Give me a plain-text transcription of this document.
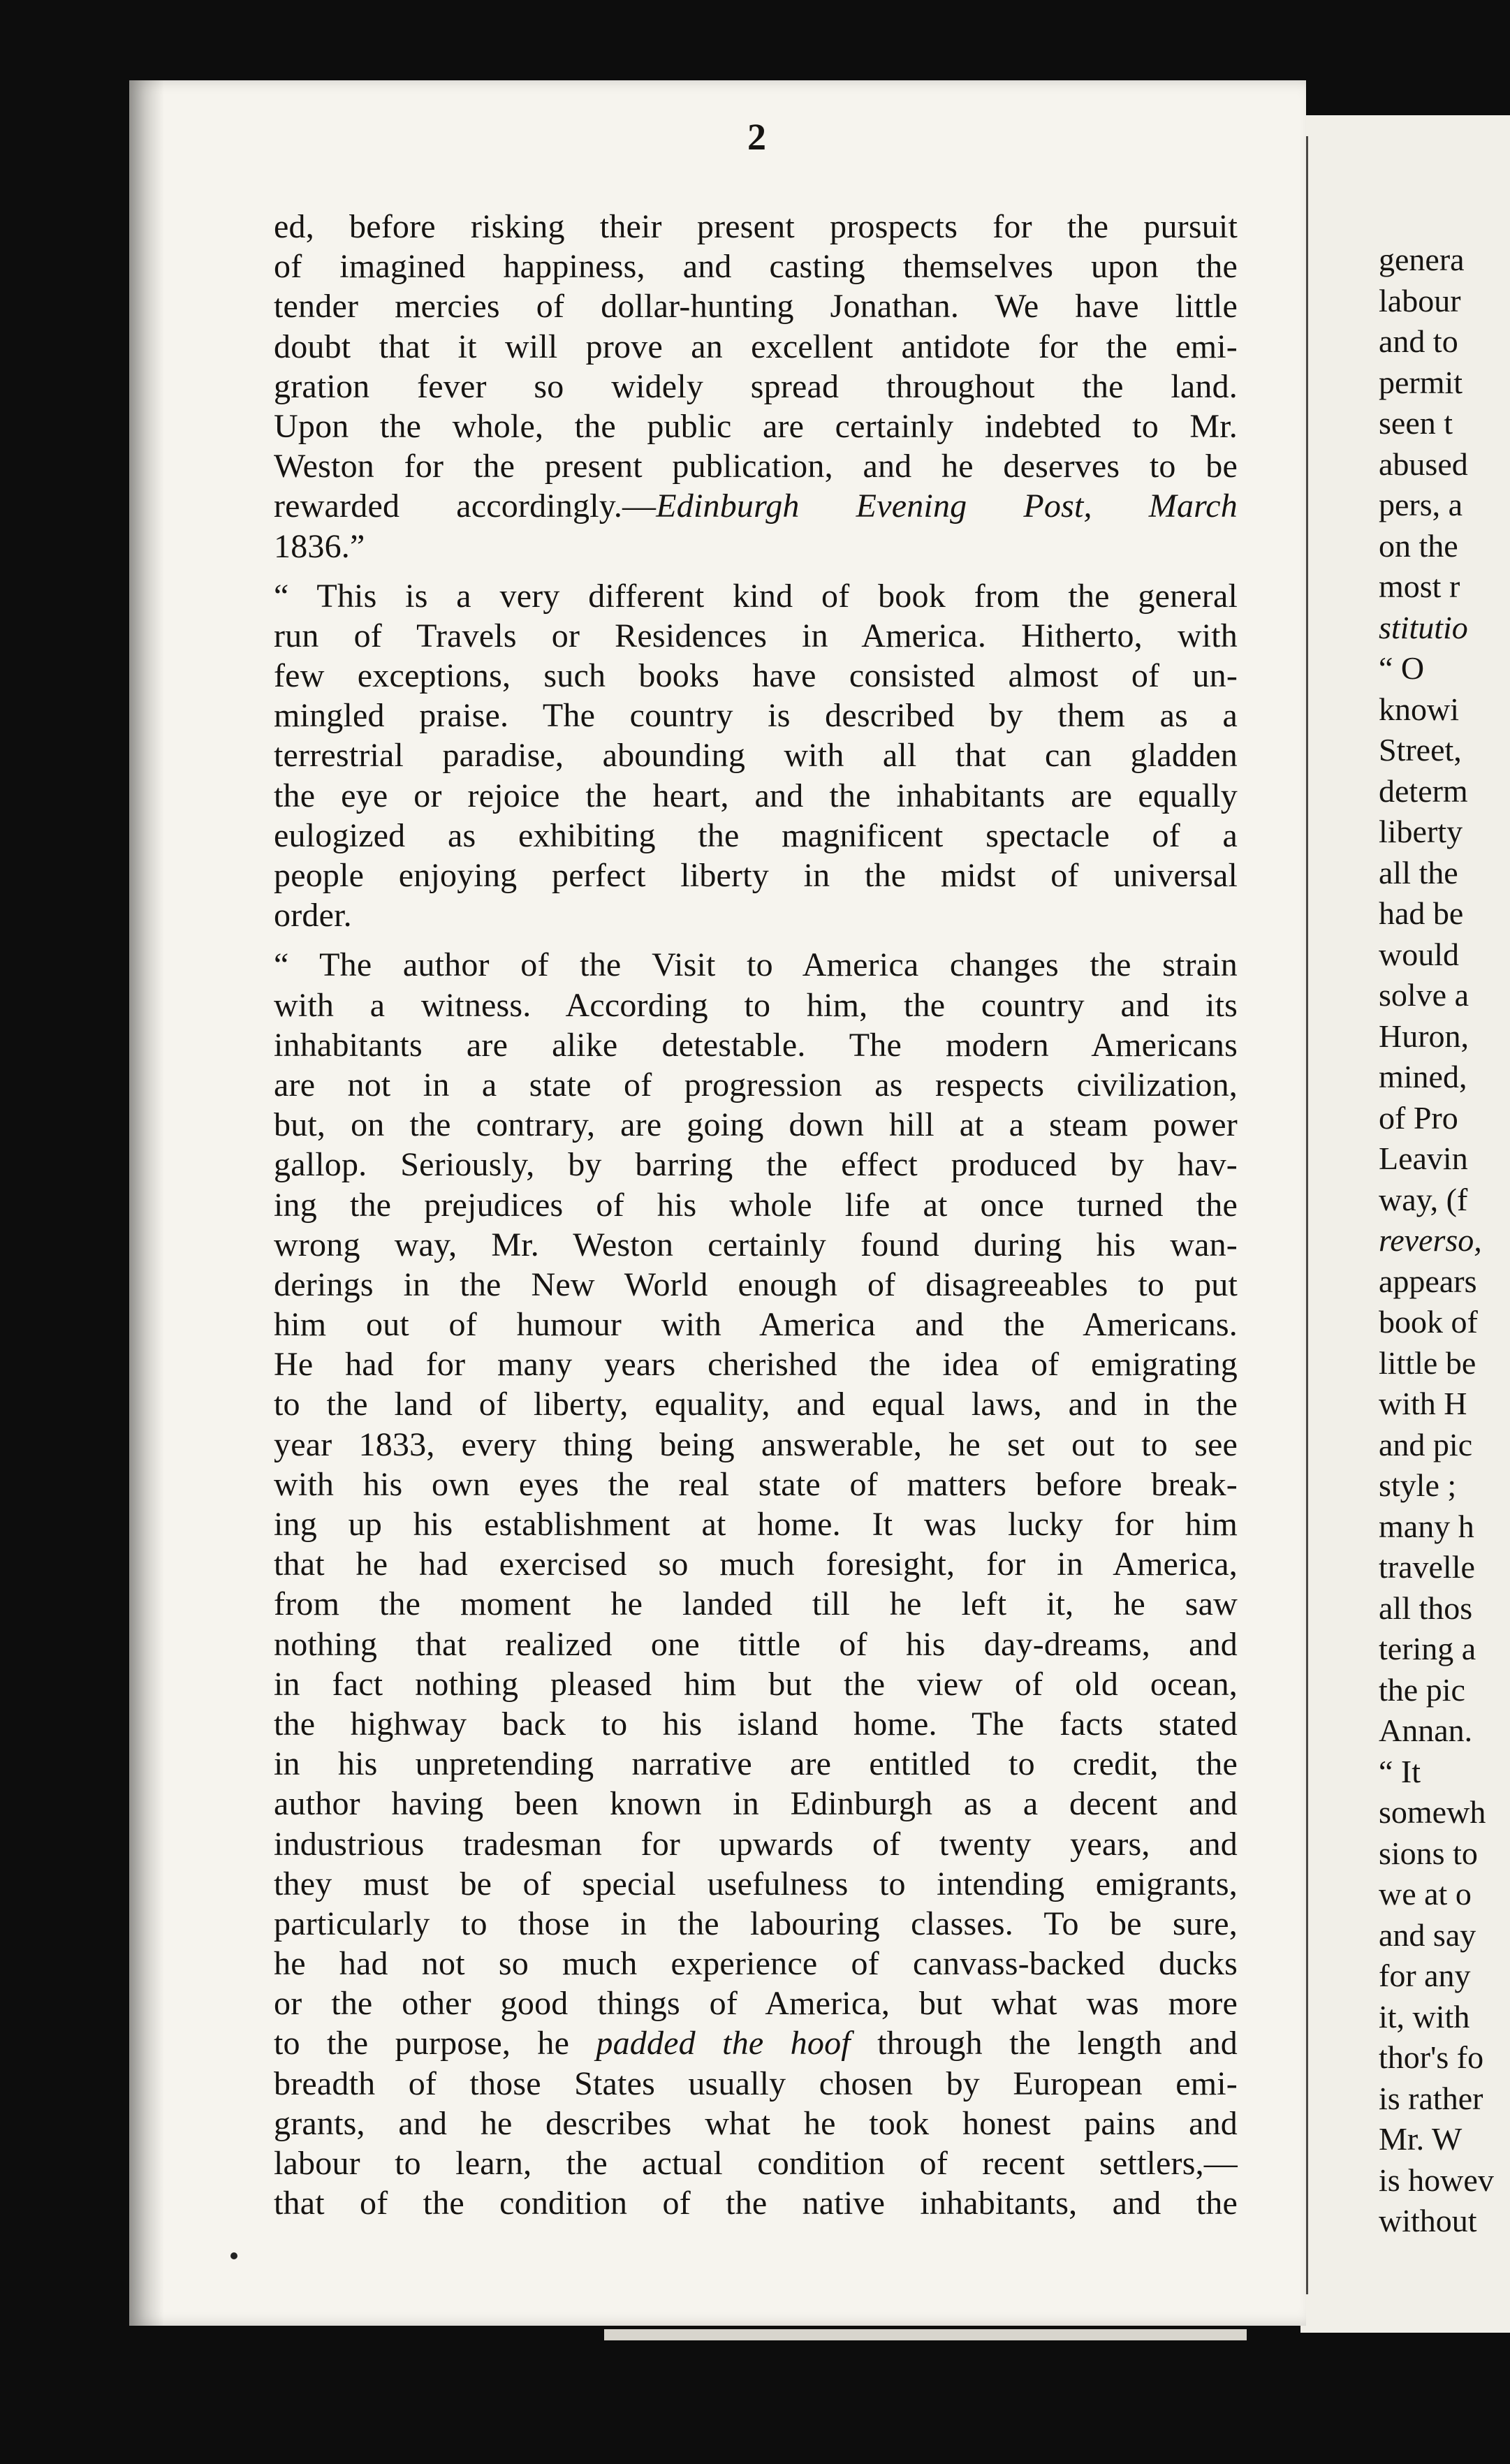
genera
labour
and to
permit
seen t
abused
pers, a
on the
most r
stitutio
“ O
knowi
Street,
determ
liberty
all the
had be
would
solve a
Huron,
mined,
of Pro
Leavin
way, (f
reverso,
appears
book of
little be
with H
and pic
style ;
many h
travelle
all thos
tering a
the pic
Annan.
“ It
somewh
sions to
we at o
and say
for any
it, with
thor's fo
is rather
Mr. W
is howev
without
2
ed, before risking their present prospects for the pursuit
of imagined happiness, and casting themselves upon the
tender mercies of dollar-hunting Jonathan. We have little
doubt that it will prove an excellent antidote for the emi-
gration fever so widely spread throughout the land.
Upon the whole, the public are certainly indebted to Mr.
Weston for the present publication, and he deserves to be
rewarded accordingly.—Edinburgh Evening Post, March
1836.”
“ This is a very different kind of book from the general
run of Travels or Residences in America. Hitherto, with
few exceptions, such books have consisted almost of un-
mingled praise. The country is described by them as a
terrestrial paradise, abounding with all that can gladden
the eye or rejoice the heart, and the inhabitants are equally
eulogized as exhibiting the magnificent spectacle of a
people enjoying perfect liberty in the midst of universal
order.
“ The author of the Visit to America changes the strain
with a witness. According to him, the country and its
inhabitants are alike detestable. The modern Americans
are not in a state of progression as respects civilization,
but, on the contrary, are going down hill at a steam power
gallop. Seriously, by barring the effect produced by hav-
ing the prejudices of his whole life at once turned the
wrong way, Mr. Weston certainly found during his wan-
derings in the New World enough of disagreeables to put
him out of humour with America and the Americans.
He had for many years cherished the idea of emigrating
to the land of liberty, equality, and equal laws, and in the
year 1833, every thing being answerable, he set out to see
with his own eyes the real state of matters before break-
ing up his establishment at home. It was lucky for him
that he had exercised so much foresight, for in America,
from the moment he landed till he left it, he saw
nothing that realized one tittle of his day-dreams, and
in fact nothing pleased him but the view of old ocean,
the highway back to his island home. The facts stated
in his unpretending narrative are entitled to credit, the
author having been known in Edinburgh as a decent and
industrious tradesman for upwards of twenty years, and
they must be of special usefulness to intending emigrants,
particularly to those in the labouring classes. To be sure,
he had not so much experience of canvass-backed ducks
or the other good things of America, but what was more
to the purpose, he padded the hoof through the length and
breadth of those States usually chosen by European emi-
grants, and he describes what he took honest pains and
labour to learn, the actual condition of recent settlers,—
that of the condition of the native inhabitants, and the
